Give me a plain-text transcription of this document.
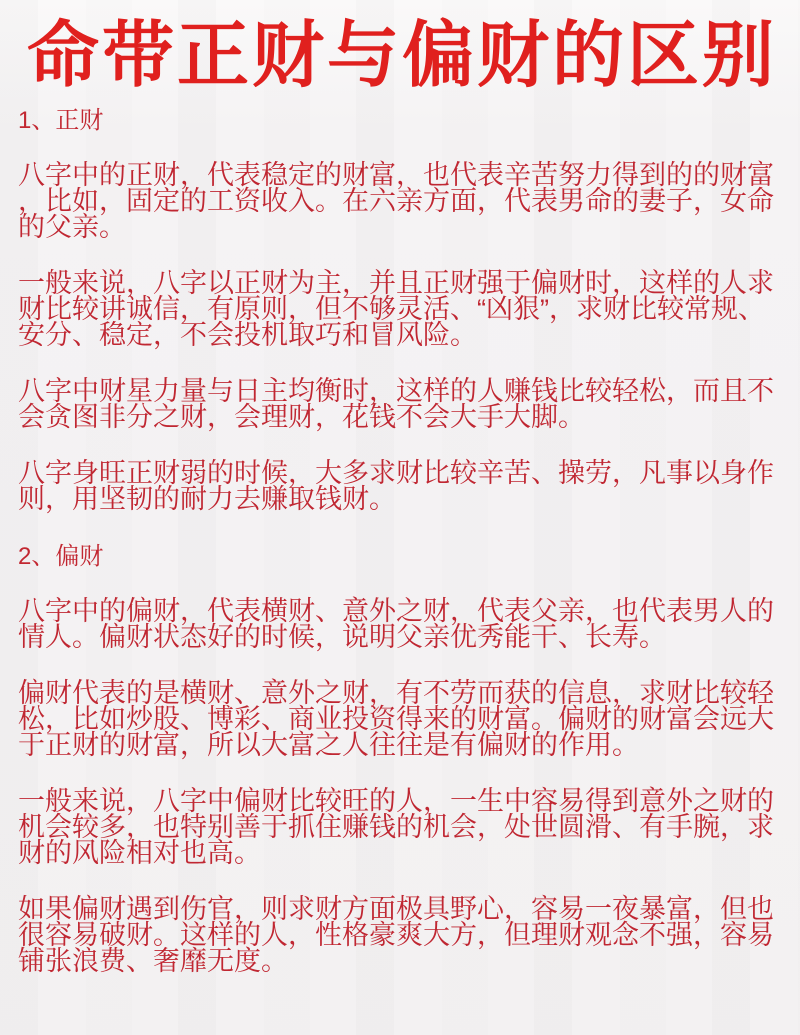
命带正财与偏财的区别
1、正财

八字中的正财，代表稳定的财富，也代表辛苦努力得到的的财富，比如，固定的工资收入。在六亲方面，代表男命的妻子，女命的父亲。

一般来说，八字以正财为主，并且正财强于偏财时，这样的人求财比较讲诚信，有原则，但不够灵活、“凶狠”，求财比较常规、安分、稳定，不会投机取巧和冒风险。

八字中财星力量与日主均衡时，这样的人赚钱比较轻松，而且不会贪图非分之财，会理财，花钱不会大手大脚。

八字身旺正财弱的时候，大多求财比较辛苦、操劳，凡事以身作则，用坚韧的耐力去赚取钱财。

2、偏财

八字中的偏财，代表横财、意外之财，代表父亲，也代表男人的情人。偏财状态好的时候，说明父亲优秀能干、长寿。

偏财代表的是横财、意外之财，有不劳而获的信息，求财比较轻松，比如炒股、博彩、商业投资得来的财富。偏财的财富会远大于正财的财富，所以大富之人往往是有偏财的作用。

一般来说，八字中偏财比较旺的人，一生中容易得到意外之财的机会较多，也特别善于抓住赚钱的机会，处世圆滑、有手腕，求财的风险相对也高。

如果偏财遇到伤官，则求财方面极具野心，容易一夜暴富，但也很容易破财。这样的人，性格豪爽大方，但理财观念不强，容易铺张浪费、奢靡无度。
